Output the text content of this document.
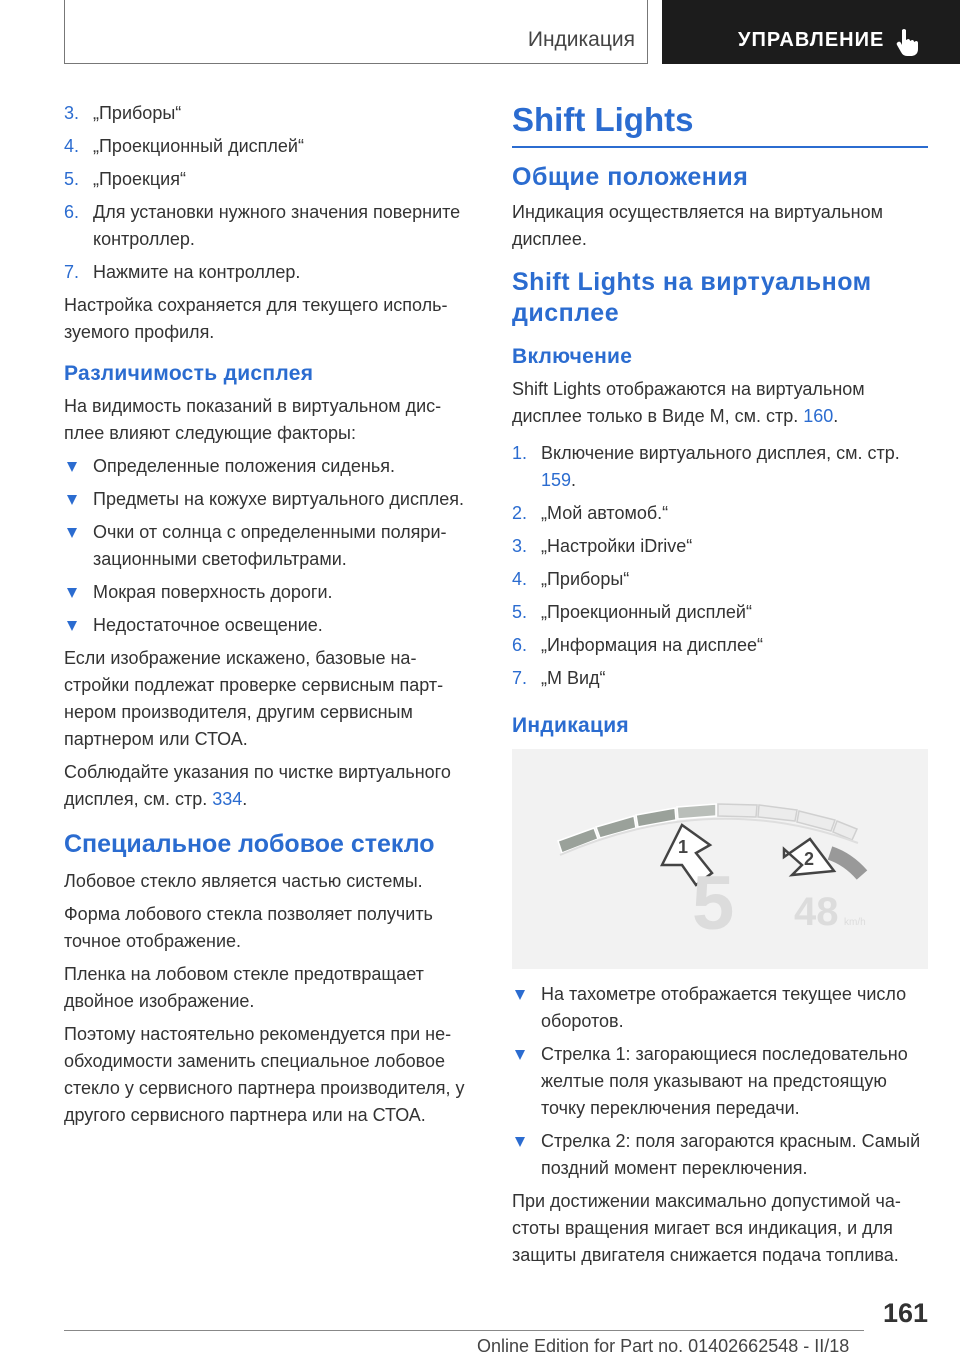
Индикация	УПРАВЛЕНИЕ
3. „Приборы“
4. „Проекционный дисплей“
5. „Проекция“
6. Для установки нужного значения поверните контроллер.
7. Нажмите на контроллер.

Настройка сохраняется для текущего используемого профиля.

Различимость дисплея

На видимость показаний в виртуальном дисплее влияют следующие факторы:

Определенные положения сиденья.
Предметы на кожухе виртуального дисплея.
Очки от солнца с определенными поляризационными светофильтрами.
Мокрая поверхность дороги.
Недостаточное освещение.

Если изображение искажено, базовые настройки подлежат проверке сервисным партнером производителя, другим сервисным партнером или СТОА.

Соблюдайте указания по чистке виртуального дисплея, см. стр. 334.

Специальное лобовое стекло

Лобовое стекло является частью системы.

Форма лобового стекла позволяет получить точное отображение.

Пленка на лобовом стекле предотвращает двойное изображение.

Поэтому настоятельно рекомендуется при необходимости заменить специальное лобовое стекло у сервисного партнера производителя, у другого сервисного партнера или на СТОА.

Shift Lights
Общие положения

Индикация осуществляется на виртуальном дисплее.

Shift Lights на виртуальном дисплее
Включение

Shift Lights отображаются на виртуальном дисплее только в Виде M, см. стр. 160.

1. Включение виртуального дисплея, см. стр. 159.
2. „Мой автомоб.“
3. „Настройки iDrive“
4. „Приборы“
5. „Проекционный дисплей“
6. „Информация на дисплее“
7. „M Вид“
Индикация
1
2
5 48 km/h
На тахометре отображается текущее число оборотов.
Стрелка 1: загорающиеся последовательно желтые поля указывают на предстоящую точку переключения передачи.
Стрелка 2: поля загораются красным. Самый поздний момент переключения.

При достижении максимально допустимой частоты вращения мигает вся индикация, и для защиты двигателя снижается подача топлива.

161
Online Edition for Part no. 01402662548 - II/18
